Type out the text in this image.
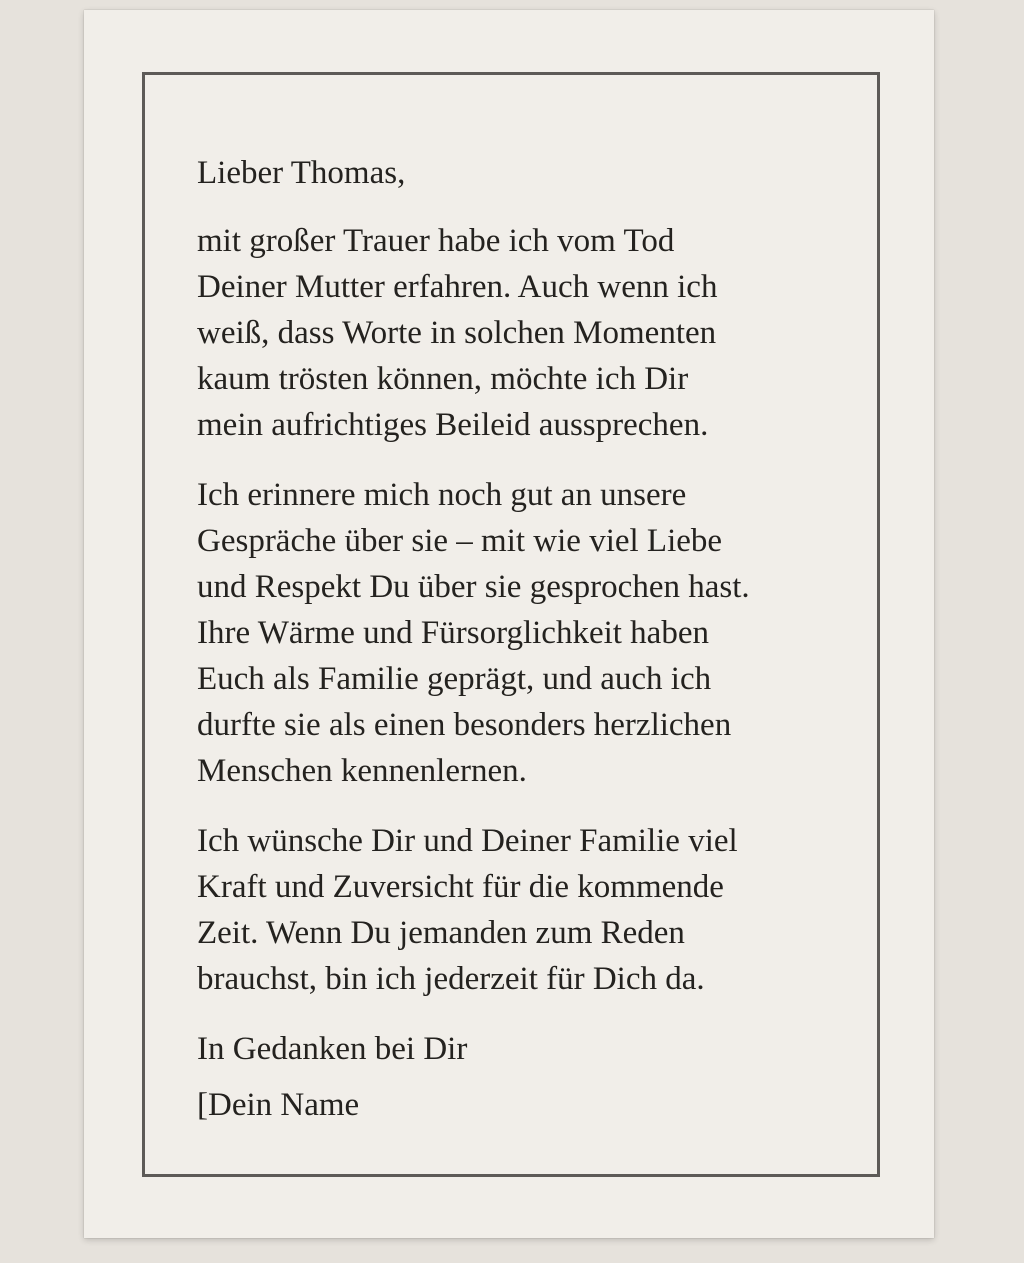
Lieber Thomas,

mit großer Trauer habe ich vom Tod
Deiner Mutter erfahren. Auch wenn ich
weiß, dass Worte in solchen Momenten
kaum trösten können, möchte ich Dir
mein aufrichtiges Beileid aussprechen.

Ich erinnere mich noch gut an unsere
Gespräche über sie – mit wie viel Liebe
und Respekt Du über sie gesprochen hast.
Ihre Wärme und Fürsorglichkeit haben
Euch als Familie geprägt, und auch ich
durfte sie als einen besonders herzlichen
Menschen kennenlernen.

Ich wünsche Dir und Deiner Familie viel
Kraft und Zuversicht für die kommende
Zeit. Wenn Du jemanden zum Reden
brauchst, bin ich jederzeit für Dich da.

In Gedanken bei Dir

[Dein Name
